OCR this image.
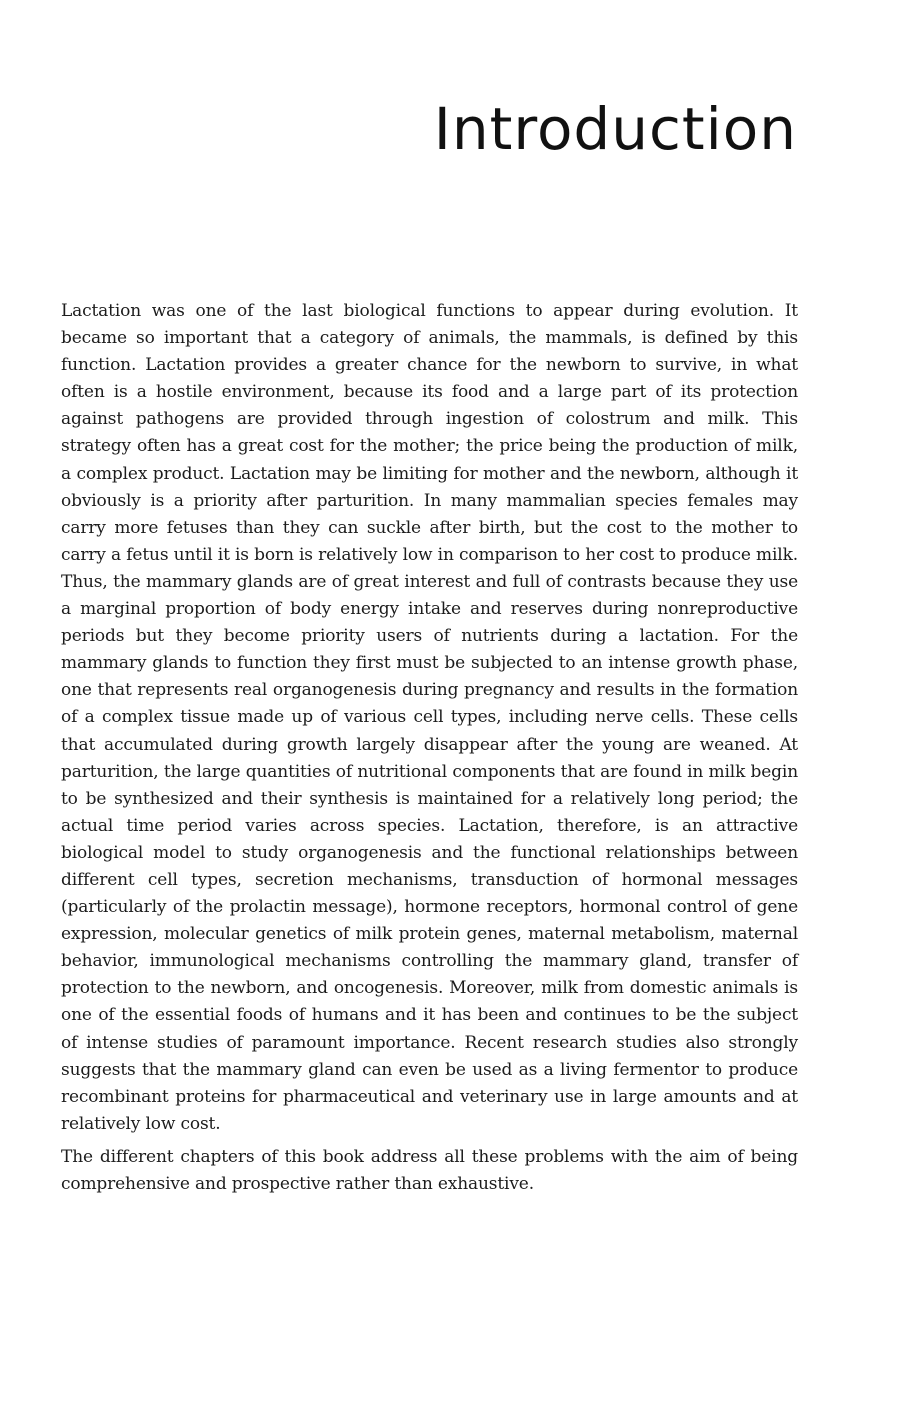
Introduction

Lactation was one of the last biological functions to appear during evolution. It became so important that a category of animals, the mammals, is defined by this function. Lactation provides a greater chance for the newborn to survive, in what often is a hostile environment, because its food and a large part of its protection against pathogens are provided through ingestion of colostrum and milk. This strategy often has a great cost for the mother; the price being the production of milk, a complex product. Lactation may be limiting for mother and the newborn, although it obviously is a priority after parturition. In many mammalian species females may carry more fetuses than they can suckle after birth, but the cost to the mother to carry a fetus until it is born is relatively low in comparison to her cost to produce milk. Thus, the mammary glands are of great interest and full of contrasts because they use a marginal proportion of body energy intake and reserves during nonreproductive periods but they become priority users of nutrients during a lactation. For the mammary glands to function they first must be subjected to an intense growth phase, one that represents real organogenesis during pregnancy and results in the formation of a complex tissue made up of various cell types, including nerve cells. These cells that accumulated during growth largely disappear after the young are weaned. At parturition, the large quantities of nutritional components that are found in milk begin to be synthesized and their synthesis is maintained for a relatively long period; the actual time period varies across species. Lactation, therefore, is an attractive biological model to study organogenesis and the functional relationships between different cell types, secretion mechanisms, transduction of hormonal messages (particularly of the prolactin message), hormone receptors, hormonal control of gene expression, molecular genetics of milk protein genes, maternal metabolism, maternal behavior, immunological mechanisms controlling the mammary gland, transfer of protection to the newborn, and oncogenesis. Moreover, milk from domestic animals is one of the essential foods of humans and it has been and continues to be the subject of intense studies of paramount importance. Recent research studies also strongly suggests that the mammary gland can even be used as a living fermentor to produce recombinant proteins for pharmaceutical and veterinary use in large amounts and at relatively low cost.

The different chapters of this book address all these problems with the aim of being comprehensive and prospective rather than exhaustive.
